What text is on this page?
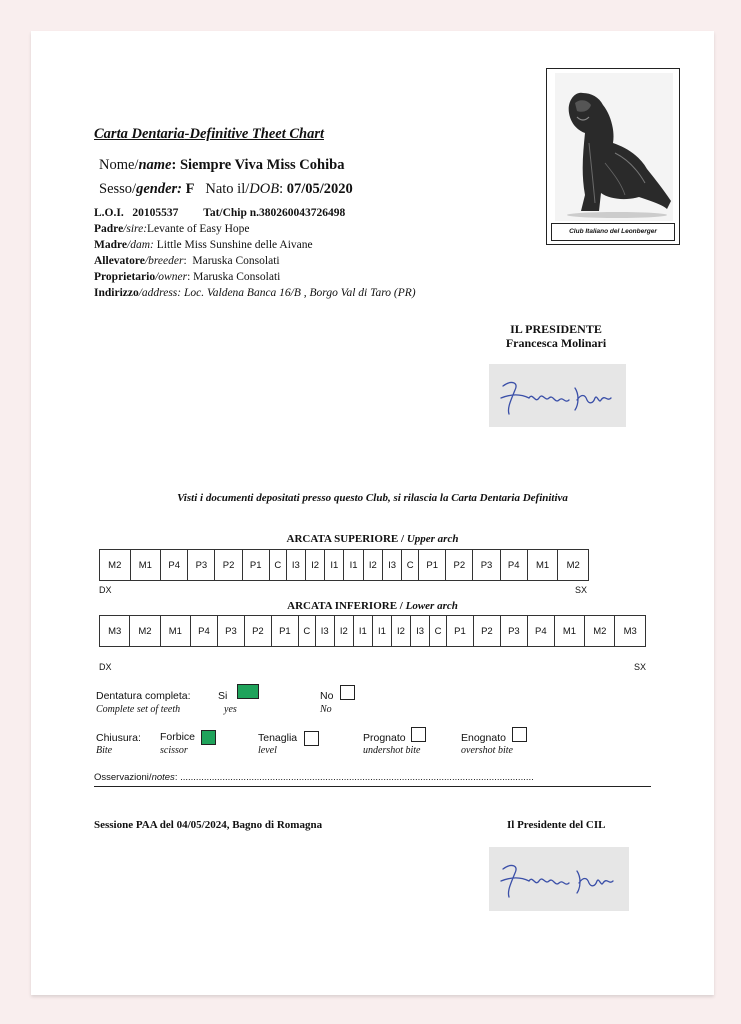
Carta Dentaria-Definitive Theet Chart
Nome/name: Siempre Viva Miss Cohiba
Sesso/gender: F Nato il/DOB: 07/05/2020
L.O.I. 20105537 Tat/Chip n.380260043726498
Padre/sire:Levante of Easy Hope
Madre/dam: Little Miss Sunshine delle Aivane
Allevatore/breeder: Maruska Consolati
Proprietario/owner: Maruska Consolati
Indirizzo/address: Loc. Valdena Banca 16/B , Borgo Val di Taro (PR)
Club Italiano del Leonberger
IL PRESIDENTE
Francesca Molinari
Visti i documenti depositati presso questo Club, si rilascia la Carta Dentaria Definitiva
ARCATA SUPERIORE / Upper arch
M2	M1	P4	P3	P2	P1	C	I3	I2	I1	I1	I2	I3	C	P1	P2	P3	P4	M1	M2
DX	SX
ARCATA INFERIORE / Lower arch
M3	M2	M1	P4	P3	P2	P1	C	I3	I2	I1	I1	I2	I3	C	P1	P2	P3	P4	M1	M2	M3
DX	SX
Dentatura completa:
Complete set of teeth
Si
yes
No
No
Chiusura:
Bite
Forbice
scissor
Tenaglia
level
Prognato
undershot bite
Enognato
overshot bite
Osservazioni/notes: ......................................................................................................................................
Sessione PAA del 04/05/2024, Bagno di Romagna	Il Presidente del CIL
